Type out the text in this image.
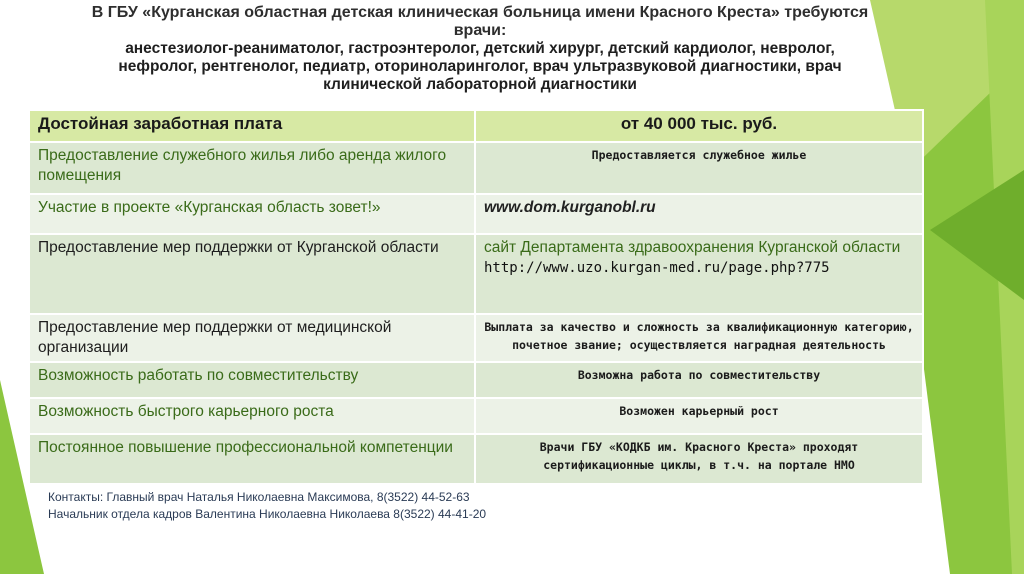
В ГБУ «Курганская областная детская клиническая больница имени Красного Креста» требуются
врачи:
анестезиолог-реаниматолог, гастроэнтеролог, детский хирург, детский кардиолог, невролог,
нефролог, рентгенолог, педиатр, оториноларинголог, врач ультразвуковой диагностики, врач
клинической лабораторной диагностики
Достойная заработная плата	от 40 000 тыс. руб.
Предоставление служебного жилья либо аренда жилого помещения	Предоставляется служебное жилье
Участие в проекте «Курганская область зовет!»	www.dom.kurganobl.ru
Предоставление мер поддержки от Курганской области	сайт Департамента здравоохранения Курганской области
http://www.uzo.kurgan-med.ru/page.php?775

Предоставление мер поддержки от медицинской организации	Выплата за качество и сложность за квалификационную категорию, почетное звание; осуществляется наградная деятельность
Возможность работать по совместительству	Возможна работа по совместительству
Возможность быстрого карьерного роста	Возможен карьерный рост
Постоянное повышение профессиональной компетенции	Врачи ГБУ «КОДКБ им. Красного Креста» проходят сертификационные циклы, в т.ч. на портале НМО
Контакты: Главный врач Наталья Николаевна Максимова, 8(3522) 44-52-63
Начальник отдела кадров Валентина Николаевна Николаева 8(3522) 44-41-20
